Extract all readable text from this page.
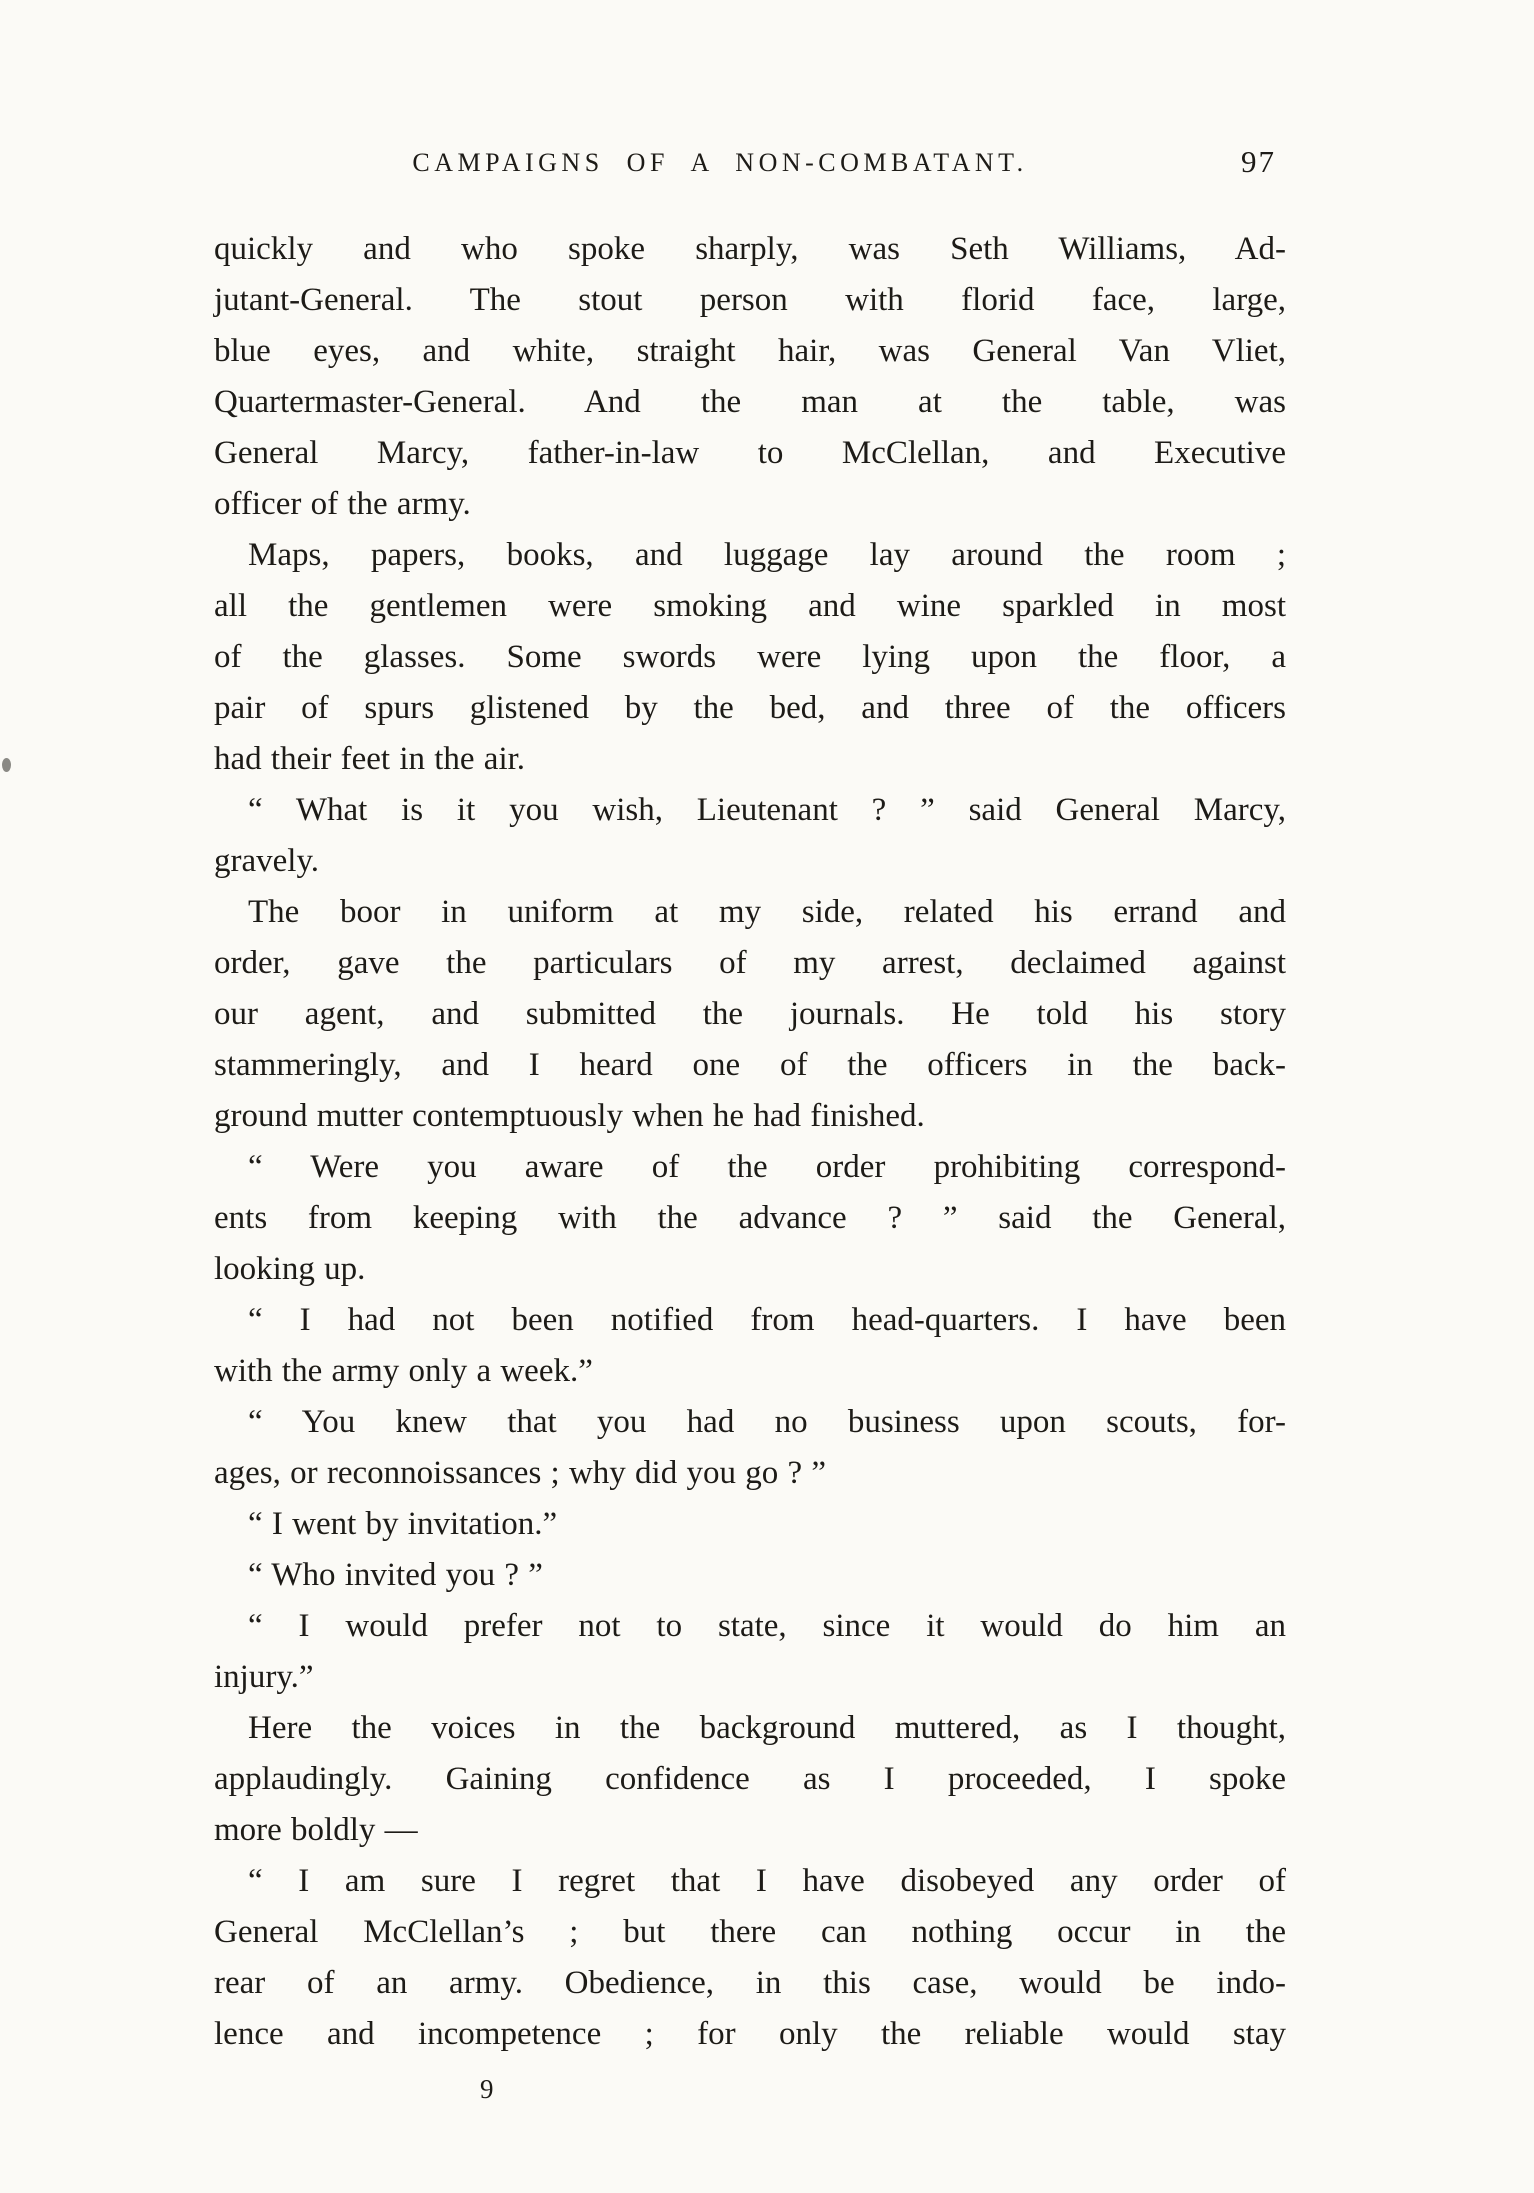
CAMPAIGNS OF A NON-COMBATANT.	97

quickly and who spoke sharply, was Seth Williams, Ad-
jutant-General. The stout person with florid face, large,
blue eyes, and white, straight hair, was General Van Vliet,
Quartermaster-General. And the man at the table, was
General Marcy, father-in-law to McClellan, and Executive
officer of the army.

Maps, papers, books, and luggage lay around the room ;
all the gentlemen were smoking and wine sparkled in most
of the glasses. Some swords were lying upon the floor, a
pair of spurs glistened by the bed, and three of the officers
had their feet in the air.

“ What is it you wish, Lieutenant ? ” said General Marcy,
gravely.

The boor in uniform at my side, related his errand and
order, gave the particulars of my arrest, declaimed against
our agent, and submitted the journals. He told his story
stammeringly, and I heard one of the officers in the back-
ground mutter contemptuously when he had finished.

“ Were you aware of the order prohibiting correspond-
ents from keeping with the advance ? ” said the General,
looking up.

“ I had not been notified from head-quarters. I have been
with the army only a week.”

“ You knew that you had no business upon scouts, for-
ages, or reconnoissances ; why did you go ? ”

“ I went by invitation.”

“ Who invited you ? ”

“ I would prefer not to state, since it would do him an
injury.”

Here the voices in the background muttered, as I thought,
applaudingly. Gaining confidence as I proceeded, I spoke
more boldly —

“ I am sure I regret that I have disobeyed any order of
General McClellan’s ; but there can nothing occur in the
rear of an army. Obedience, in this case, would be indo-
lence and incompetence ; for only the reliable would stay

9
